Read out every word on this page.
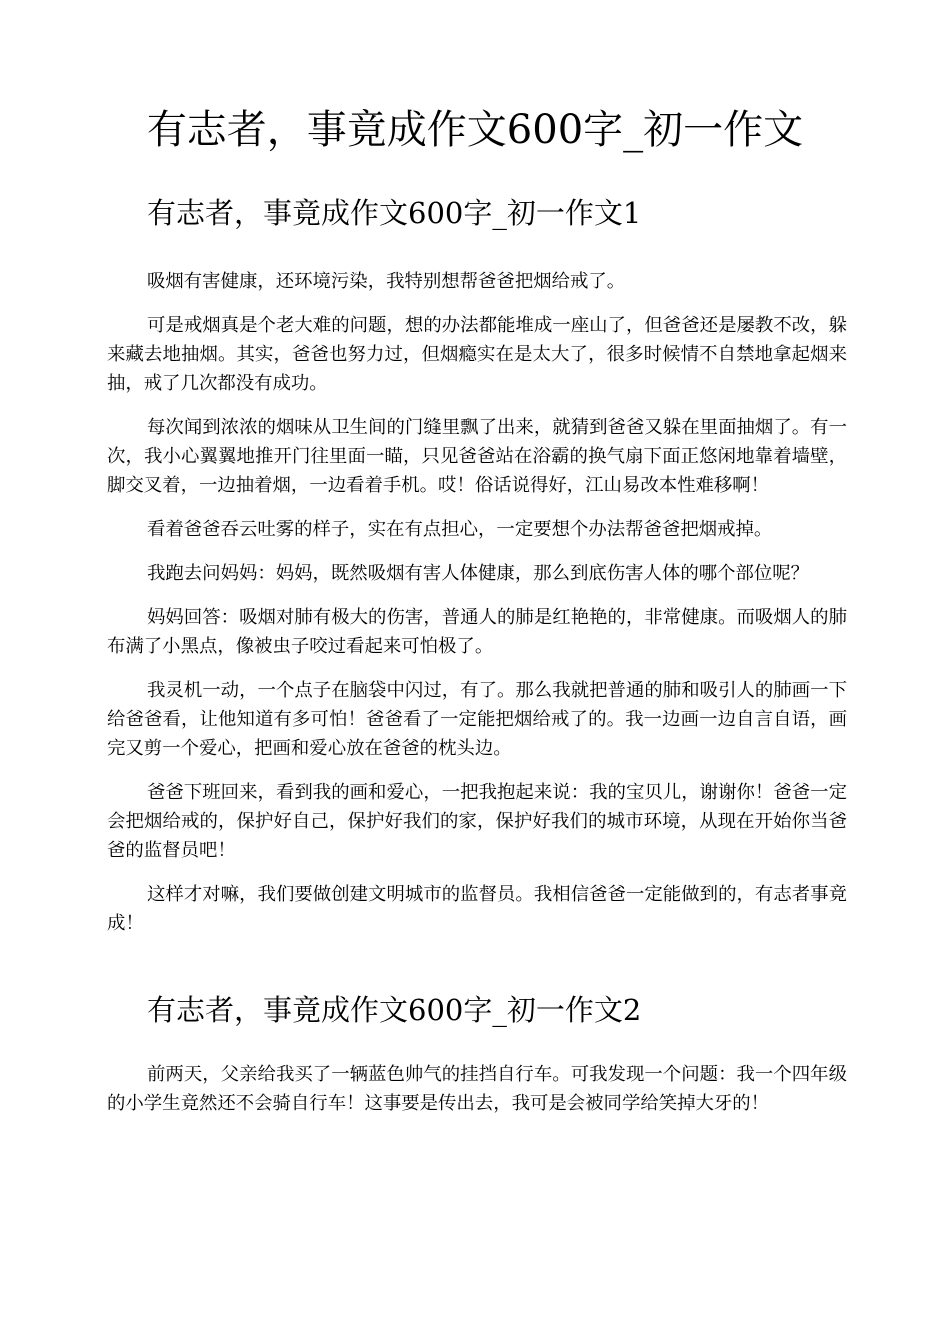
有志者，事竟成作文600字_初一作文
有志者，事竟成作文600字_初一作文1

吸烟有害健康，还环境污染，我特别想帮爸爸把烟给戒了。

可是戒烟真是个老大难的问题，想的办法都能堆成一座山了，但爸爸还是屡教不改，躲来藏去地抽烟。其实，爸爸也努力过，但烟瘾实在是太大了，很多时候情不自禁地拿起烟来抽，戒了几次都没有成功。

每次闻到浓浓的烟味从卫生间的门缝里飘了出来，就猜到爸爸又躲在里面抽烟了。有一次，我小心翼翼地推开门往里面一瞄，只见爸爸站在浴霸的换气扇下面正悠闲地靠着墙壁，脚交叉着，一边抽着烟，一边看着手机。哎！俗话说得好，江山易改本性难移啊！

看着爸爸吞云吐雾的样子，实在有点担心，一定要想个办法帮爸爸把烟戒掉。

我跑去问妈妈：妈妈，既然吸烟有害人体健康，那么到底伤害人体的哪个部位呢？

妈妈回答：吸烟对肺有极大的伤害，普通人的肺是红艳艳的，非常健康。而吸烟人的肺布满了小黑点，像被虫子咬过看起来可怕极了。

我灵机一动，一个点子在脑袋中闪过，有了。那么我就把普通的肺和吸引人的肺画一下给爸爸看，让他知道有多可怕！爸爸看了一定能把烟给戒了的。我一边画一边自言自语，画完又剪一个爱心，把画和爱心放在爸爸的枕头边。

爸爸下班回来，看到我的画和爱心，一把我抱起来说：我的宝贝儿，谢谢你！爸爸一定会把烟给戒的，保护好自己，保护好我们的家，保护好我们的城市环境，从现在开始你当爸爸的监督员吧！

这样才对嘛，我们要做创建文明城市的监督员。我相信爸爸一定能做到的，有志者事竟成！

有志者，事竟成作文600字_初一作文2

前两天，父亲给我买了一辆蓝色帅气的挂挡自行车。可我发现一个问题：我一个四年级的小学生竟然还不会骑自行车！这事要是传出去，我可是会被同学给笑掉大牙的！
